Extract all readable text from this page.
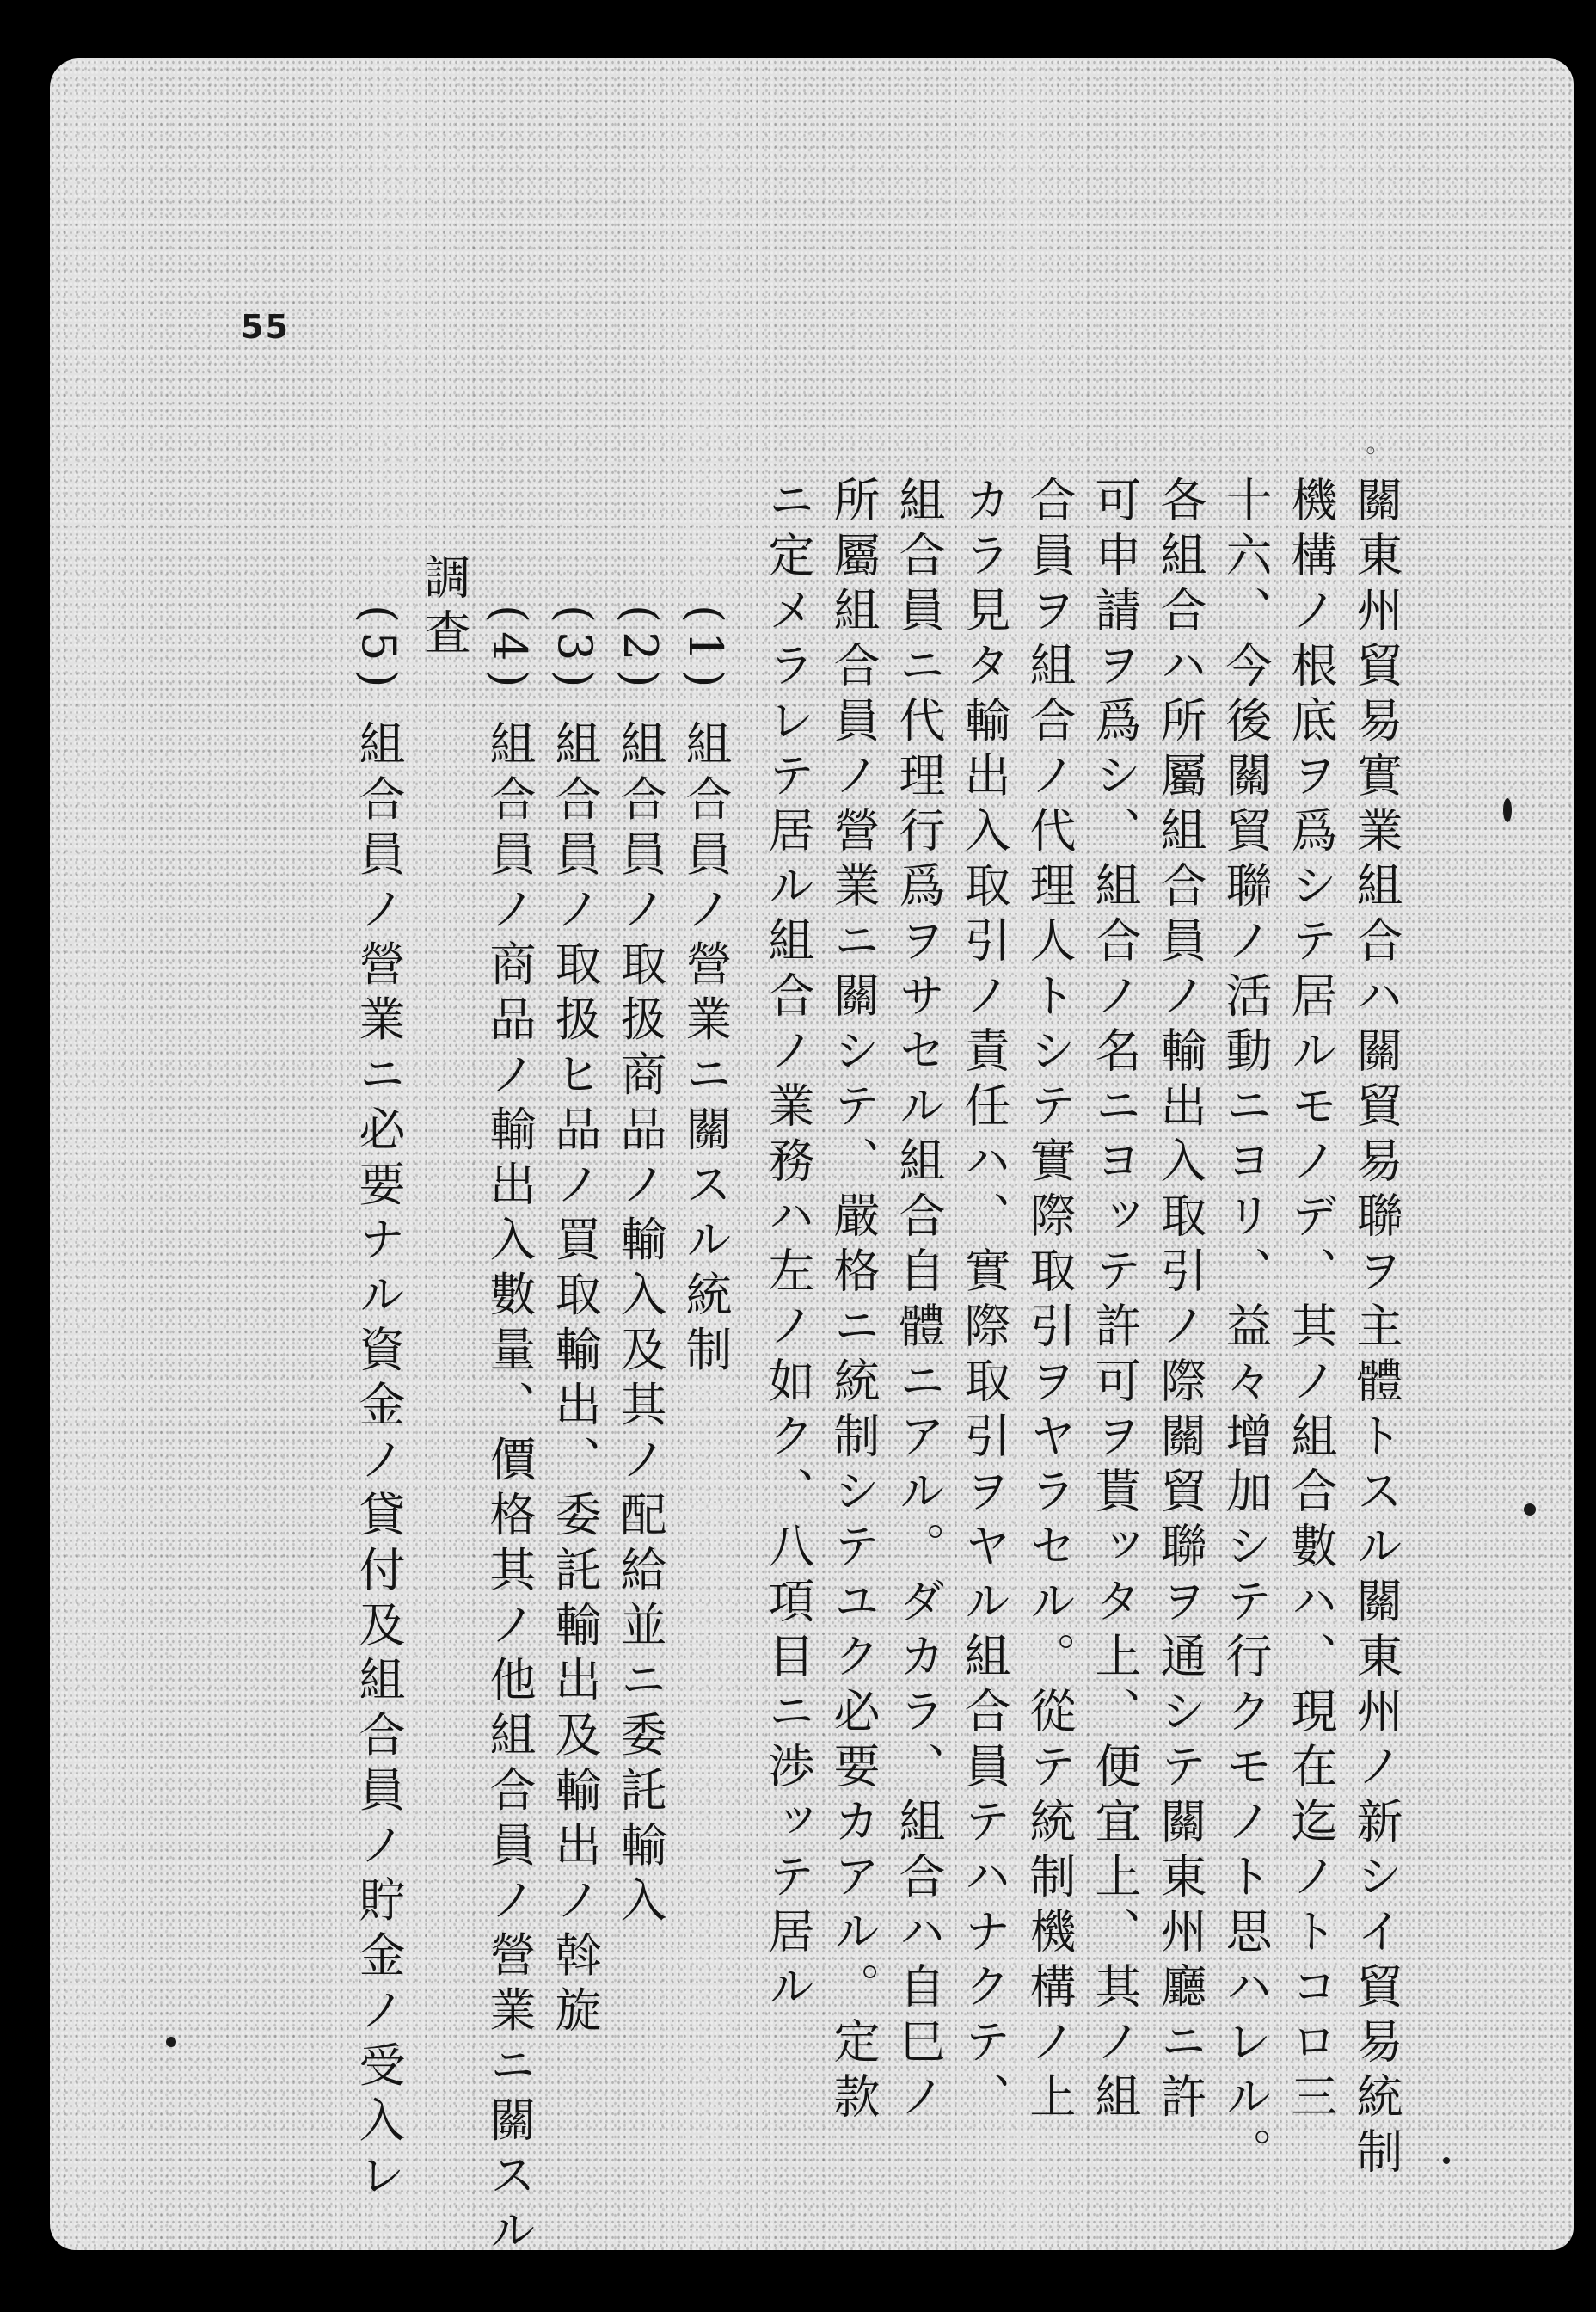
55
◦
關東州貿易實業組合ハ關貿易聯ヲ主體トスル關東州ノ新シイ貿易統制
機構ノ根底ヲ爲シテ居ルモノデ、其ノ組合數ハ、現在迄ノトコロ三
十六、今後關貿聯ノ活動ニヨリ、益々增加シテ行クモノト思ハレル。
各組合ハ所屬組合員ノ輸出入取引ノ際關貿聯ヲ通シテ關東州廳ニ許
可申請ヲ爲シ、組合ノ名ニヨッテ許可ヲ貰ッタ上、便宜上、其ノ組
合員ヲ組合ノ代理人トシテ實際取引ヲヤラセル。從テ統制機構ノ上
カラ見タ輸出入取引ノ責任ハ、實際取引ヲヤル組合員テハナクテ、
組合員ニ代理行爲ヲサセル組合自體ニアル。ダカラ、組合ハ自巳ノ
所屬組合員ノ營業ニ關シテ、嚴格ニ統制シテユク必要カアル。定款
ニ定メラレテ居ル組合ノ業務ハ左ノ如ク、八項目ニ渉ッテ居ル
(1) 組合員ノ營業ニ關スル統制
(2) 組合員ノ取扱商品ノ輸入及其ノ配給並ニ委託輸入
(3) 組合員ノ取扱ヒ品ノ買取輸出、委託輸出及輸出ノ斡旋
(4) 組合員ノ商品ノ輸出入數量、價格其ノ他組合員ノ營業ニ關スル
調査
(5) 組合員ノ營業ニ必要ナル資金ノ貸付及組合員ノ貯金ノ受入レ
